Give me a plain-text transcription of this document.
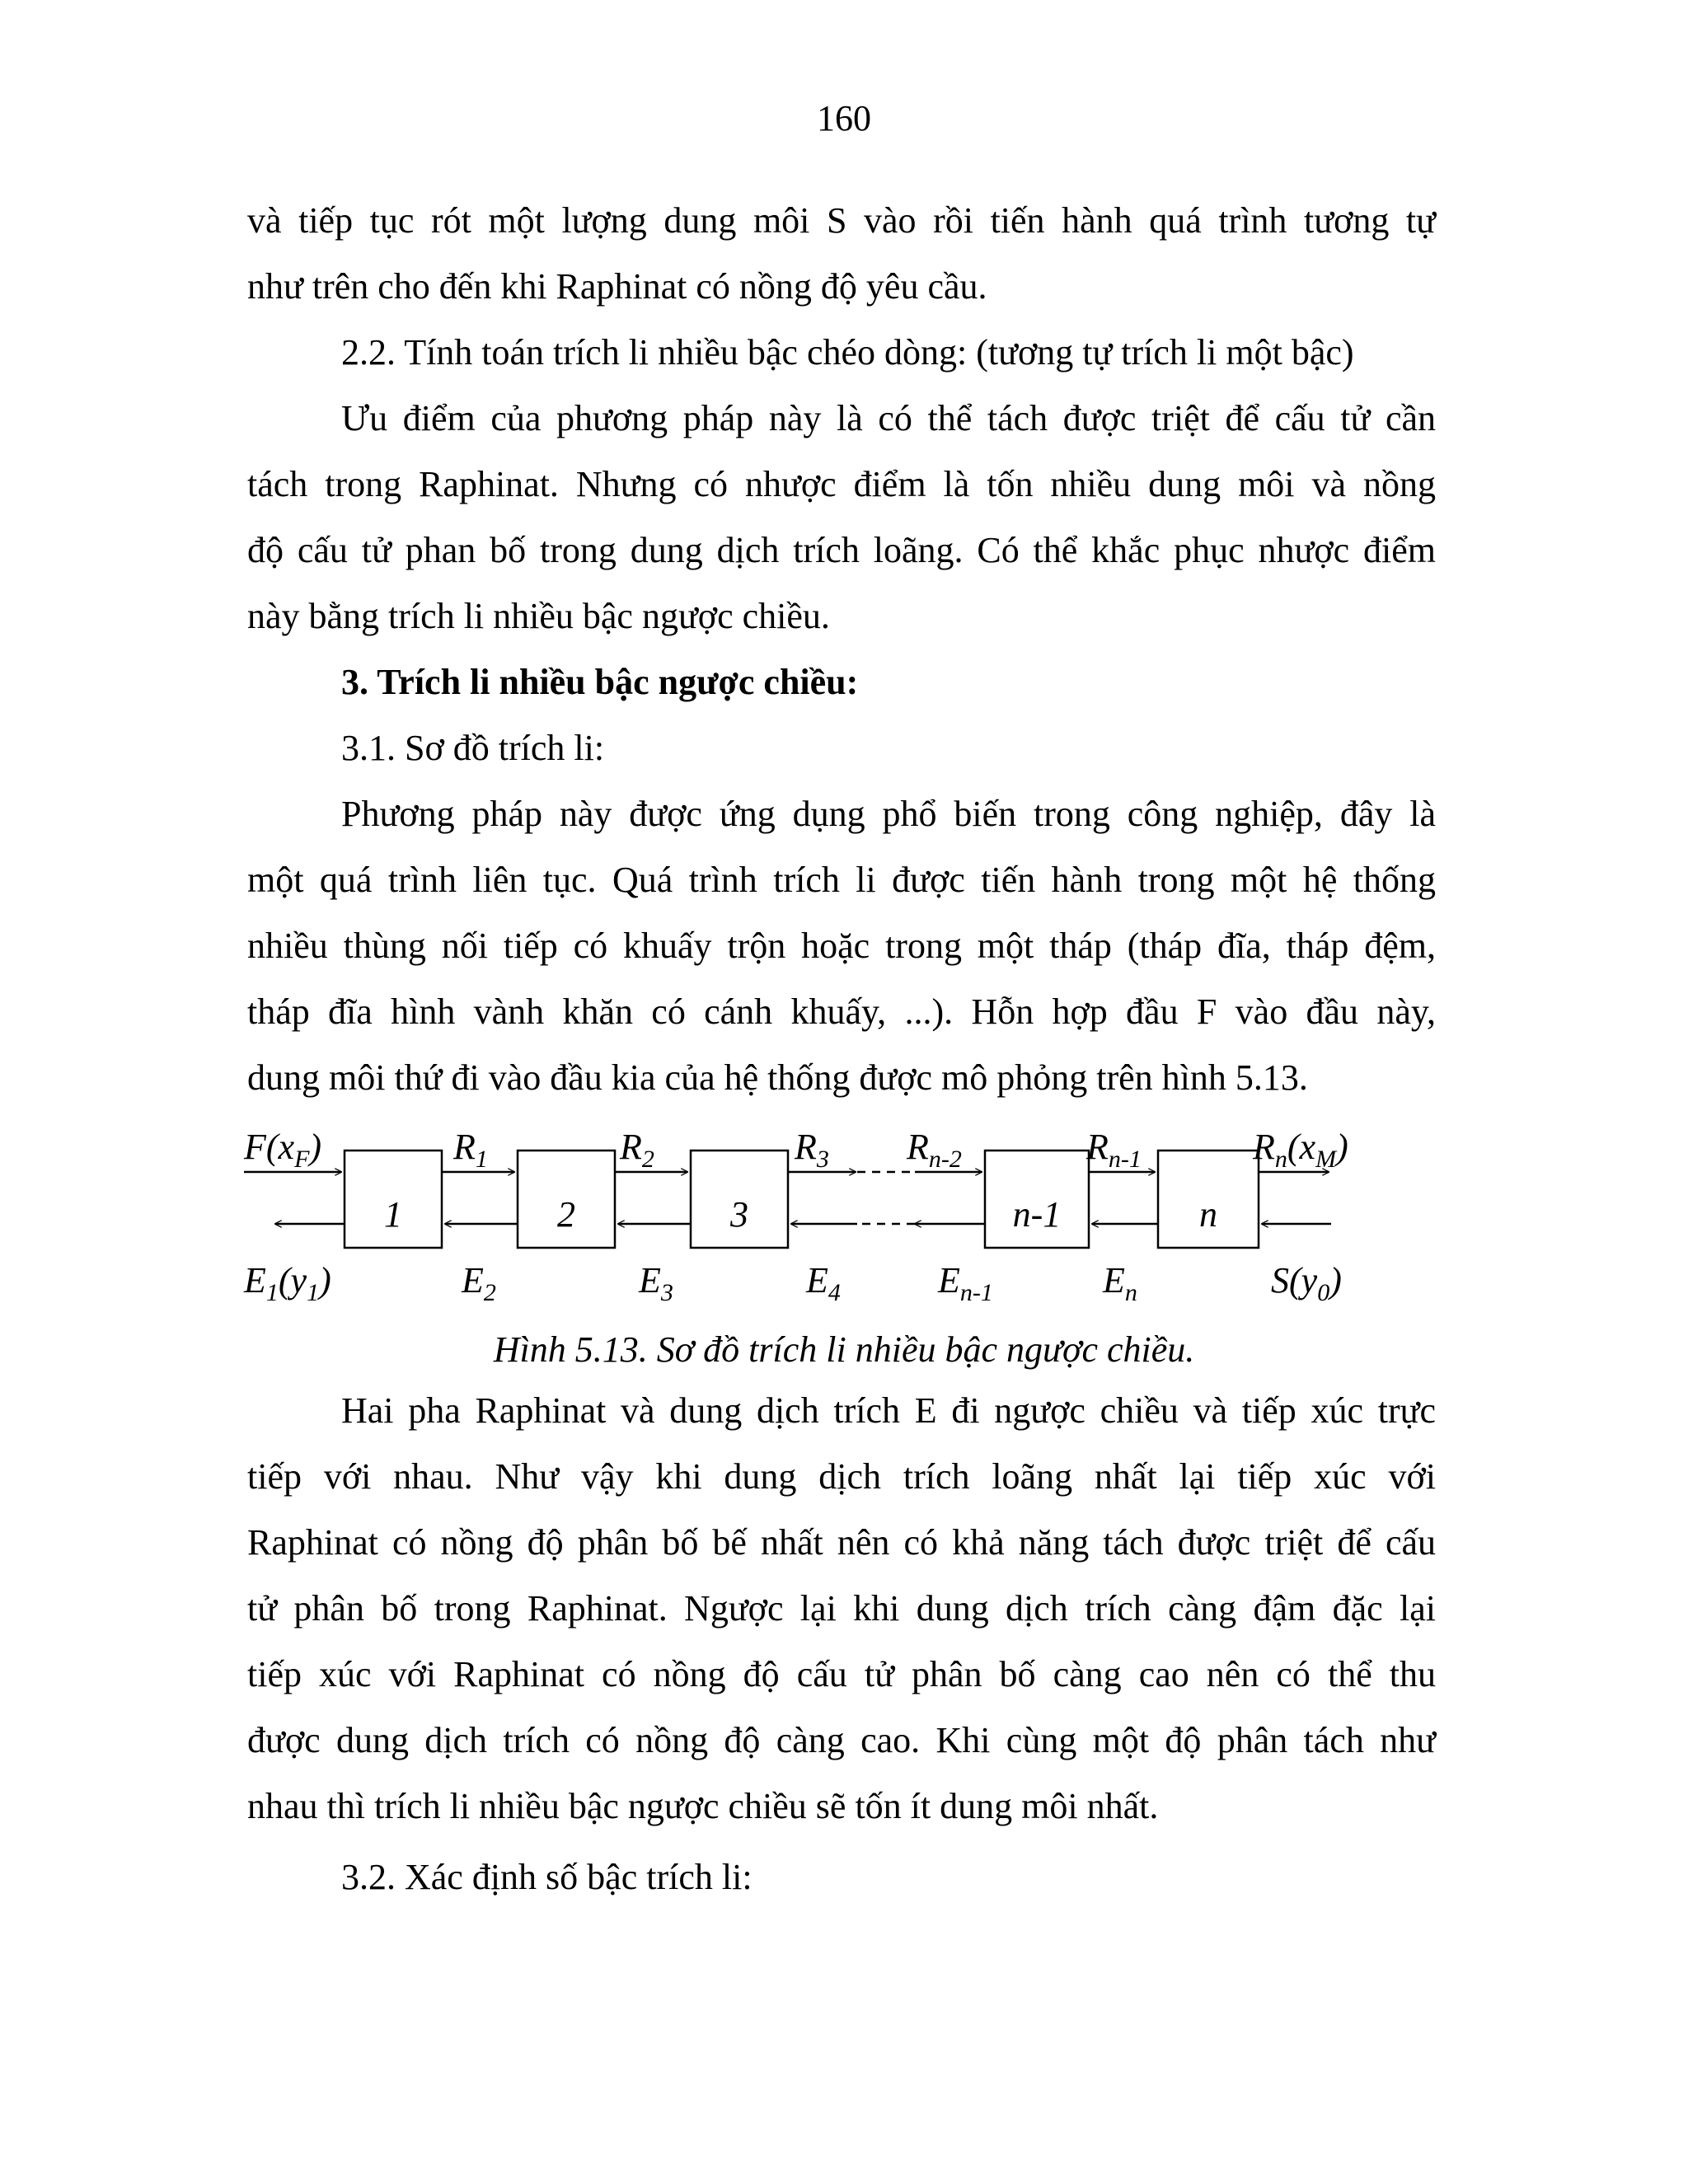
160
và tiếp tục rót một lượng dung môi S vào rồi tiến hành quá trình tương tự
như trên cho đến khi Raphinat có nồng độ yêu cầu.
2.2. Tính toán trích li nhiều bậc chéo dòng: (tương tự trích li một bậc)
Ưu điểm của phương pháp này là có thể tách được triệt để cấu tử cần
tách trong Raphinat. Nhưng có nhược điểm là tốn nhiều dung môi và nồng
độ cấu tử phan bố trong dung dịch trích loãng. Có thể khắc phục nhược điểm
này bằng trích li nhiều bậc ngược chiều.
3. Trích li nhiều bậc ngược chiều:
3.1. Sơ đồ trích li:
Phương pháp này được ứng dụng phổ biến trong công nghiệp, đây là
một quá trình liên tục. Quá trình trích li được tiến hành trong một hệ thống
nhiều thùng nối tiếp có khuấy trộn hoặc trong một tháp (tháp đĩa, tháp đệm,
tháp đĩa hình vành khăn có cánh khuấy, ...). Hỗn hợp đầu F vào đầu này,
dung môi thứ đi vào đầu kia của hệ thống được mô phỏng trên hình 5.13.
1	2	3	n-1	n
$F(x_F)$	$R_1$	$R_2$	$R_3$ $R_{n-2}$	$R_{n-1}$	$R_n(x_M)$
$E_1(y_1)$	$E_2$	$E_3$	$E_4$	$E_{n-1}$	$E_n$	$S(y_0)$
Hình 5.13. Sơ đồ trích li nhiều bậc ngược chiều.
Hai pha Raphinat và dung dịch trích E đi ngược chiều và tiếp xúc trực
tiếp với nhau. Như vậy khi dung dịch trích loãng nhất lại tiếp xúc với
Raphinat có nồng độ phân bố bế nhất nên có khả năng tách được triệt để cấu
tử phân bố trong Raphinat. Ngược lại khi dung dịch trích càng đậm đặc lại
tiếp xúc với Raphinat có nồng độ cấu tử phân bố càng cao nên có thể thu
được dung dịch trích có nồng độ càng cao. Khi cùng một độ phân tách như
nhau thì trích li nhiều bậc ngược chiều sẽ tốn ít dung môi nhất.
3.2. Xác định số bậc trích li:
